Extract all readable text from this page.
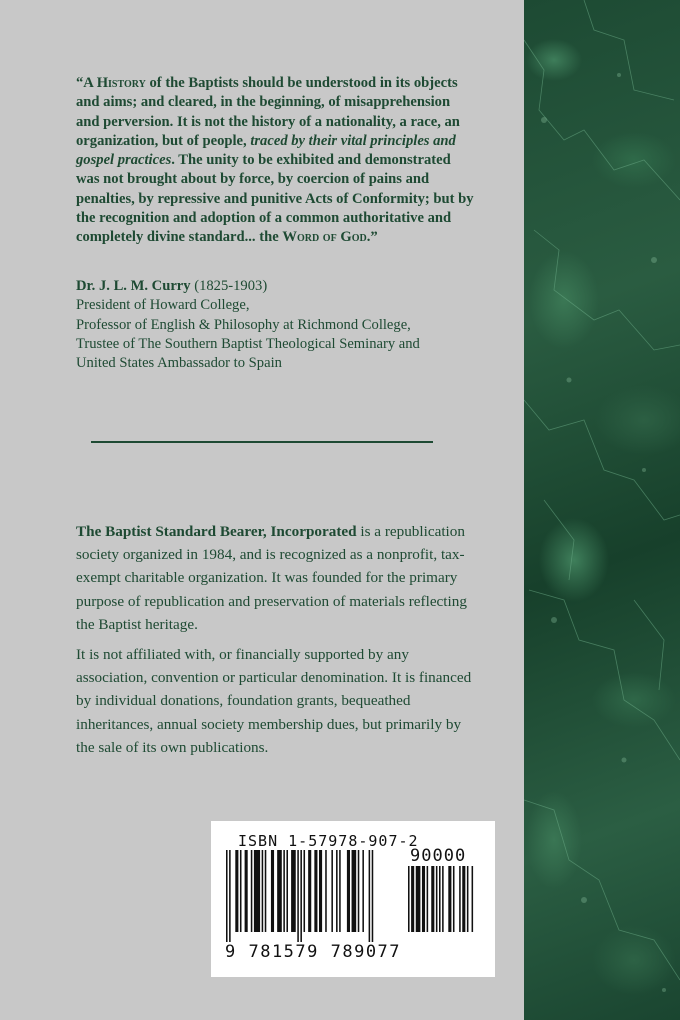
“A History of the Baptists should be understood in its objects and aims; and cleared, in the beginning, of misapprehension and perversion. It is not the history of a nationality, a race, an organization, but of people, traced by their vital principles and gospel practices. The unity to be exhibited and demonstrated was not brought about by force, by coercion of pains and penalties, by repressive and punitive Acts of Conformity; but by the recognition and adoption of a common authoritative and completely divine standard... the Word of God.”
Dr. J. L. M. Curry (1825-1903)
President of Howard College,
Professor of English & Philosophy at Richmond College,
Trustee of The Southern Baptist Theological Seminary and
United States Ambassador to Spain

The Baptist Standard Bearer, Incorporated is a republication society organized in 1984, and is recognized as a nonprofit, tax-exempt charitable organization. It was founded for the primary purpose of republication and preservation of materials reflecting the Baptist heritage.

It is not affiliated with, or financially supported by any association, convention or particular denomination. It is financed by individual donations, foundation grants, bequeathed inheritances, annual society membership dues, but primarily by the sale of its own publications.

ISBN 1-57978-907-2
90000
9 781579 789077
